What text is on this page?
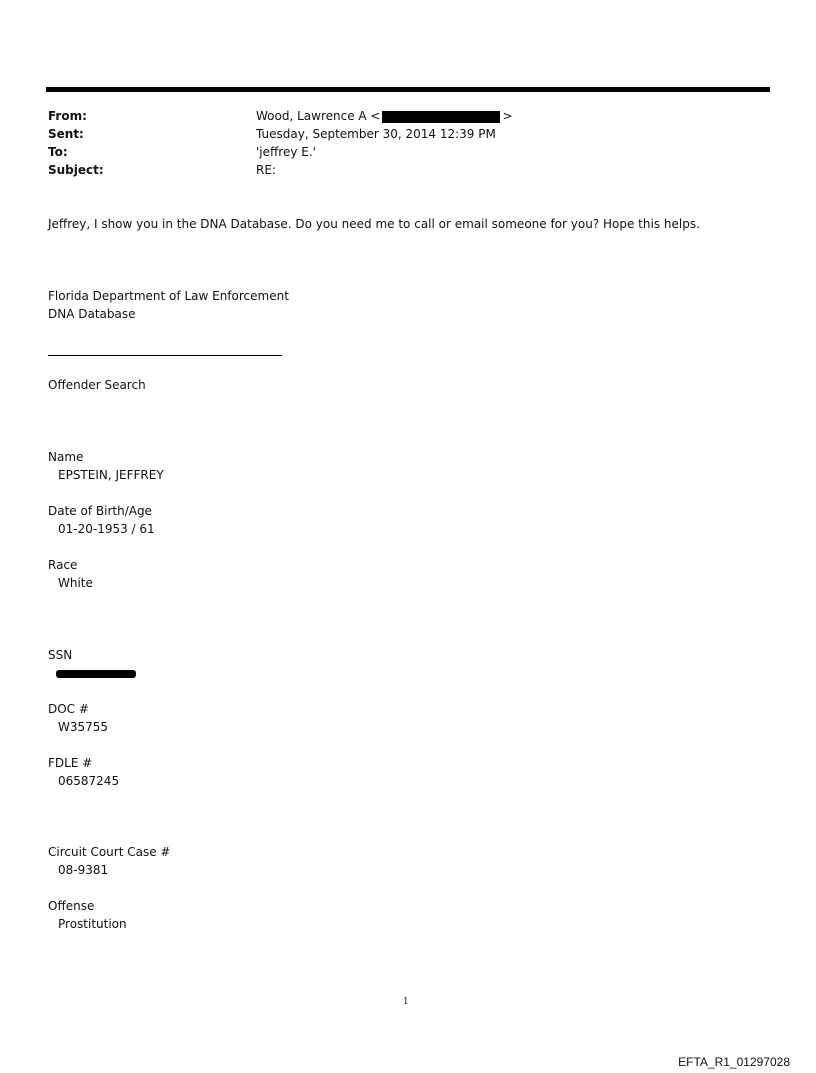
From:	Wood, Lawrence A <	>
Sent:	Tuesday, September 30, 2014 12:39 PM
To:	'jeffrey E.'
Subject:	RE:
Jeffrey, I show you in the DNA Database. Do you need me to call or email someone for you? Hope this helps.
Florida Department of Law Enforcement
DNA Database
Offender Search
Name
EPSTEIN, JEFFREY
Date of Birth/Age
01-20-1953 / 61
Race
White
SSN
DOC #
W35755
FDLE #
06587245
Circuit Court Case #
08-9381
Offense
Prostitution
1
EFTA_R1_01297028
